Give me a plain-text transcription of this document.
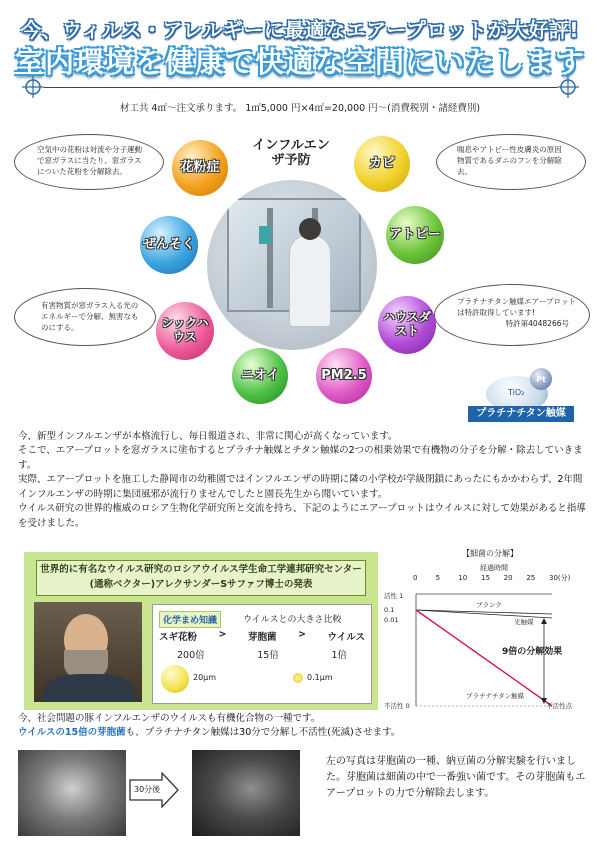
今、ウィルス・アレルギーに最適なエアープロットが大好評!
室内環境を健康で快適な空間にいたします
材工共 4㎡〜注文承ります。 1㎡5,000 円×4㎡=20,000 円〜(消費税別・諸経費別)
空気中の花粉は対流や分子運動で窓ガラスに当たり、窓ガラスについた花粉を分解除去。
喘息やアトピー性皮膚炎の原因物質であるダニのフンを分解除去。
有害物質が窓ガラス入る光のエネルギーで分解、無害なものにする。
プラチナチタン触媒エアープロットは特許取得しています!
特許第4048266号
インフルエンザ予防	カビ
花粉症
アトピー
ぜんそく
ハウスダスト
シックハウス
PM2.5
ニオイ	Pt
TiO₂
プラチナチタン触媒
今、新型インフルエンザが本格流行し、毎日報道され、非常に関心が高くなっています。
そこで、エアープロットを窓ガラスに塗布するとプラチナ触媒とチタン触媒の2つの相乗効果で有機物の分子を分解・除去していきます。
実際、エアープロットを施工した静岡市の幼稚園ではインフルエンザの時期に隣の小学校が学級閉鎖にあったにもかかわらず、2年間インフルエンザの時期に集団風邪が流行りませんでしたと園長先生から聞いています。
ウイルス研究の世界的権威のロシア生物化学研究所と交流を持ち、下記のようにエアープロットはウイルスに対して効果があると指導を受けました。
世界的に有名なウイルス研究のロシアウイルス学生命工学連邦研究センター(通称ベクター)アレクサンダーSサファフ博士の発表
化学まめ知識	ウイルスとの大きさ比較
スギ花粉 > 芽胞菌 > ウイルス
200倍	15倍	1倍
20μm	0.1μm
【細菌の分解】
経過時間
0	5	10 15 20 25 30(分)
活性 1
0.1
0.01
不活性 0
ブランク
光触媒
プラチナチタン触媒
9倍の分解効果
不活性点
今、社会問題の豚インフルエンザのウイルスも有機化合物の一種です。
ウイルスの15倍の芽胞菌も、プラチナチタン触媒は30分で分解し不活性(死滅)させます。
30分後
左の写真は芽胞菌の一種、納豆菌の分解実験を行いました。芽胞菌は細菌の中で一番強い菌です。その芽胞菌もエアープロットの力で分解除去します。
